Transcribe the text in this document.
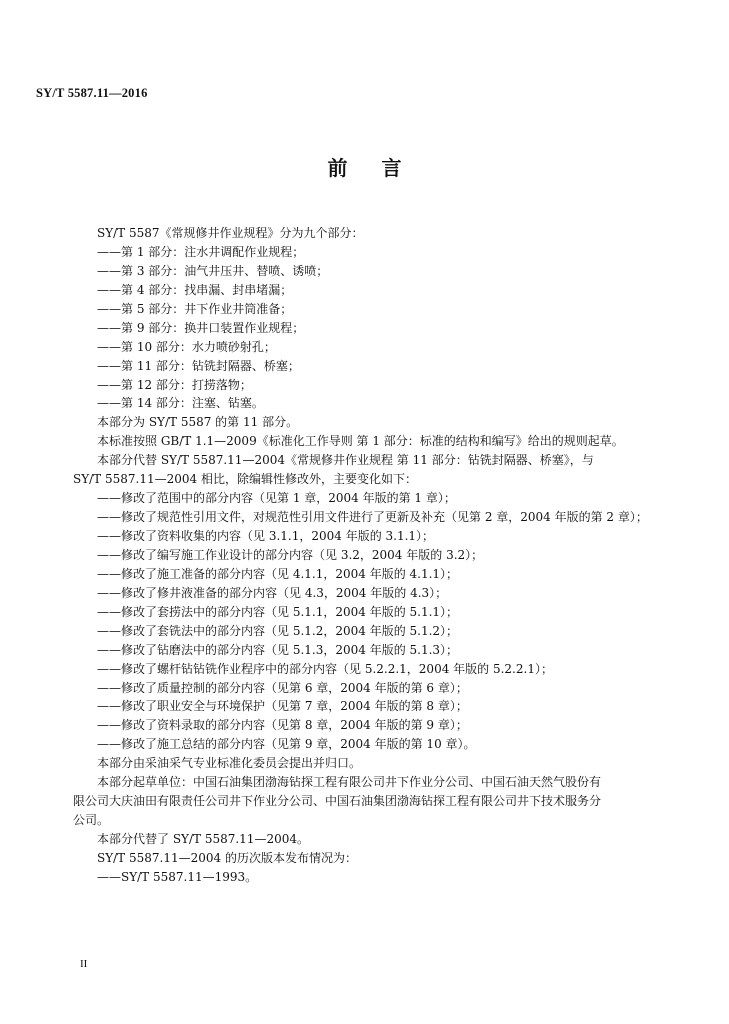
SY/T 5587.11—2016
前言
SY/T 5587《常规修井作业规程》分为九个部分：
——第 1 部分：注水井调配作业规程；
——第 3 部分：油气井压井、替喷、诱喷；
——第 4 部分：找串漏、封串堵漏；
——第 5 部分：井下作业井筒准备；
——第 9 部分：换井口装置作业规程；
——第 10 部分：水力喷砂射孔；
——第 11 部分：钻铣封隔器、桥塞；
——第 12 部分：打捞落物；
——第 14 部分：注塞、钻塞。
本部分为 SY/T 5587 的第 11 部分。
本标准按照 GB/T 1.1—2009《标准化工作导则 第 1 部分：标准的结构和编写》给出的规则起草。
本部分代替 SY/T 5587.11—2004《常规修井作业规程 第 11 部分：钻铣封隔器、桥塞》，与
SY/T 5587.11—2004 相比，除编辑性修改外，主要变化如下：
——修改了范围中的部分内容（见第 1 章，2004 年版的第 1 章）；
——修改了规范性引用文件，对规范性引用文件进行了更新及补充（见第 2 章，2004 年版的第 2 章）；
——修改了资料收集的内容（见 3.1.1，2004 年版的 3.1.1）；
——修改了编写施工作业设计的部分内容（见 3.2，2004 年版的 3.2）；
——修改了施工准备的部分内容（见 4.1.1，2004 年版的 4.1.1）；
——修改了修井液准备的部分内容（见 4.3，2004 年版的 4.3）；
——修改了套捞法中的部分内容（见 5.1.1，2004 年版的 5.1.1）；
——修改了套铣法中的部分内容（见 5.1.2，2004 年版的 5.1.2）；
——修改了钻磨法中的部分内容（见 5.1.3，2004 年版的 5.1.3）；
——修改了螺杆钻钻铣作业程序中的部分内容（见 5.2.2.1，2004 年版的 5.2.2.1）；
——修改了质量控制的部分内容（见第 6 章，2004 年版的第 6 章）；
——修改了职业安全与环境保护（见第 7 章，2004 年版的第 8 章）；
——修改了资料录取的部分内容（见第 8 章，2004 年版的第 9 章）；
——修改了施工总结的部分内容（见第 9 章，2004 年版的第 10 章）。
本部分由采油采气专业标准化委员会提出并归口。
本部分起草单位：中国石油集团渤海钻探工程有限公司井下作业分公司、中国石油天然气股份有
限公司大庆油田有限责任公司井下作业分公司、中国石油集团渤海钻探工程有限公司井下技术服务分
公司。
本部分代替了 SY/T 5587.11—2004。
SY/T 5587.11—2004 的历次版本发布情况为：
——SY/T 5587.11—1993。
II
